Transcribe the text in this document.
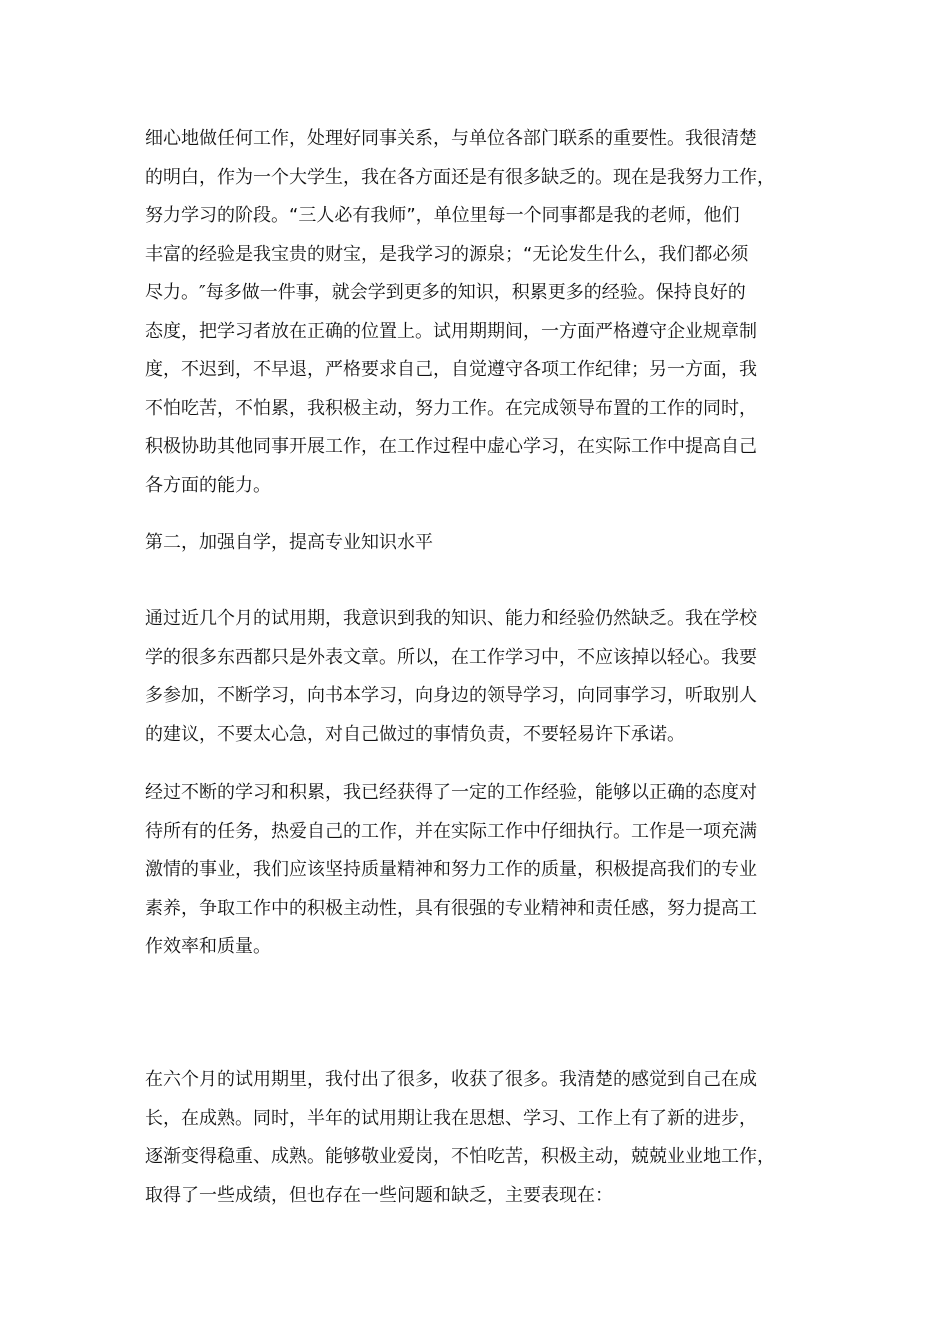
细心地做任何工作，处理好同事关系，与单位各部门联系的重要性。我很清楚
的明白，作为一个大学生，我在各方面还是有很多缺乏的。现在是我努力工作，
努力学习的阶段。“三人必有我师”，单位里每一个同事都是我的老师，他们
丰富的经验是我宝贵的财宝，是我学习的源泉；“无论发生什么，我们都必须
尽力。″每多做一件事，就会学到更多的知识，积累更多的经验。保持良好的
态度，把学习者放在正确的位置上。试用期期间，一方面严格遵守企业规章制
度，不迟到，不早退，严格要求自己，自觉遵守各项工作纪律；另一方面，我
不怕吃苦，不怕累，我积极主动，努力工作。在完成领导布置的工作的同时，
积极协助其他同事开展工作，在工作过程中虚心学习，在实际工作中提高自己
各方面的能力。
第二，加强自学，提高专业知识水平
通过近几个月的试用期，我意识到我的知识、能力和经验仍然缺乏。我在学校
学的很多东西都只是外表文章。所以，在工作学习中，不应该掉以轻心。我要
多参加，不断学习，向书本学习，向身边的领导学习，向同事学习，听取别人
的建议，不要太心急，对自己做过的事情负责，不要轻易许下承诺。
经过不断的学习和积累，我已经获得了一定的工作经验，能够以正确的态度对
待所有的任务，热爱自己的工作，并在实际工作中仔细执行。工作是一项充满
激情的事业，我们应该坚持质量精神和努力工作的质量，积极提高我们的专业
素养，争取工作中的积极主动性，具有很强的专业精神和责任感，努力提高工
作效率和质量。
在六个月的试用期里，我付出了很多，收获了很多。我清楚的感觉到自己在成
长，在成熟。同时，半年的试用期让我在思想、学习、工作上有了新的进步，
逐渐变得稳重、成熟。能够敬业爱岗，不怕吃苦，积极主动，兢兢业业地工作，
取得了一些成绩，但也存在一些问题和缺乏，主要表现在：
